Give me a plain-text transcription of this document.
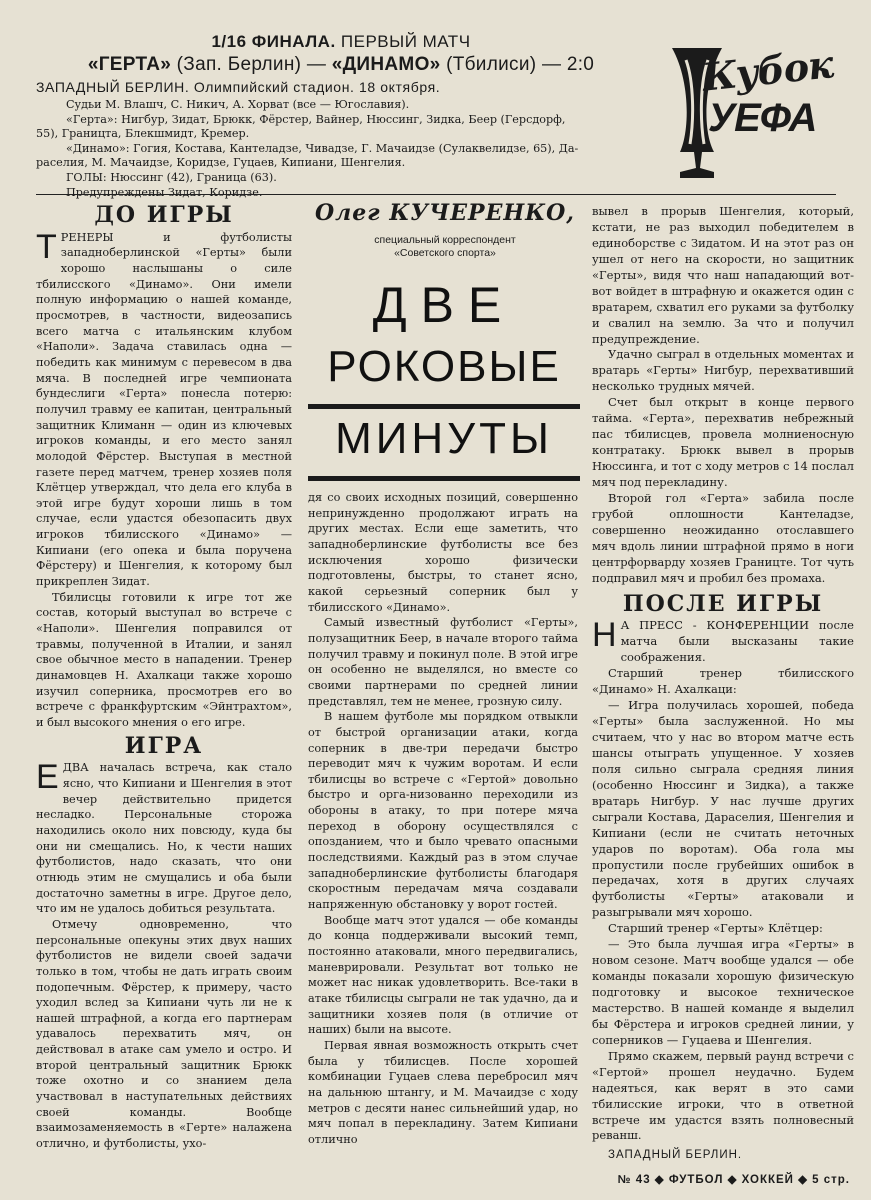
1/16 ФИНАЛА. ПЕРВЫЙ МАТЧ
«ГЕРТА» (Зап. Берлин) — «ДИНАМО» (Тбилиси) — 2:0
ЗАПАДНЫЙ БЕРЛИН. Олимпийский стадион. 18 октября.
Судьи М. Влашч, С. Никич, А. Хорват (все — Югославия).
«Герта»: Нигбур, Зидат, Брюкк, Фёрстер, Вайнер, Нюссинг, Зидка, Беер (Герсдорф,
55), Границта, Блекшмидт, Кремер.
«Динамо»: Гогия, Костава, Кантеладзе, Чивадзе, Г. Мачаидзе (Сулаквелидзе, 65), Да-
раселия, М. Мачаидзе, Коридзе, Гуцаев, Кипиани, Шенгелия.
ГОЛЫ: Нюссинг (42), Граница (63).
Предупреждены Зидат, Коридзе.
Кубок
УЕФА
ДО ИГРЫ

ТРЕНЕРЫ и футболисты западноберлинской «Герты» были хорошо наслышаны о силе тбилисского «Динамо». Они имели полную информацию о нашей команде, просмотрев, в частности, видеозапись всего матча с итальянским клубом «Наполи». Задача ставилась одна — победить как минимум с перевесом в два мяча. В последней игре чемпионата бундеслиги «Герта» понесла потерю: получил травму ее капитан, центральный защитник Климанн — один из ключевых игроков команды, и его место занял молодой Фёрстер. Выступая в местной газете перед матчем, тренер хозяев поля Клётцер утверждал, что дела его клуба в этой игре будут хороши лишь в том случае, если удастся обезопасить двух игроков тбилисского «Динамо» — Кипиани (его опека и была поручена Фёрстеру) и Шенгелия, к которому был прикреплен Зидат.

Тбилисцы готовили к игре тот же состав, который выступал во встрече с «Наполи». Шенгелия поправился от травмы, полученной в Италии, и занял свое обычное место в нападении. Тренер динамовцев Н. Ахалкаци также хорошо изучил соперника, просмотрев его во встрече с франкфуртским «Эйнтрахтом», и был высокого мнения о его игре.

ИГРА

ЕДВА началась встреча, как стало ясно, что Кипиани и Шенгелия в этот вечер действительно придется несладко. Персональные сторожа находились около них повсюду, куда бы они ни смещались. Но, к чести наших футболистов, надо сказать, что они отнюдь этим не смущались и оба были достаточно заметны в игре. Другое дело, что им не удалось добиться результата.

Отмечу одновременно, что персональные опекуны этих двух наших футболистов не видели своей задачи только в том, чтобы не дать играть своим подопечным. Фёрстер, к примеру, часто уходил вслед за Кипиани чуть ли не к нашей штрафной, а когда его партнерам удавалось перехватить мяч, он действовал в атаке сам умело и остро. И второй центральный защитник Брюкк тоже охотно и со знанием дела участвовал в наступательных действиях своей команды. Вообще взаимозаменяемость в «Герте» налажена отлично, и футболисты, ухо-

Олег КУЧЕРЕНКО,
специальный корреспондент
«Советского спорта»
ДВЕ
РОКОВЫЕ
МИНУТЫ

дя со своих исходных позиций, совершенно непринужденно продолжают играть на других местах. Если еще заметить, что западноберлинские футболисты все без исключения хорошо физически подготовлены, быстры, то станет ясно, какой серьезный соперник был у тбилисского «Динамо».

Самый известный футболист «Герты», полузащитник Беер, в начале второго тайма получил травму и покинул поле. В этой игре он особенно не выделялся, но вместе со своими партнерами по средней линии представлял, тем не менее, грозную силу.

В нашем футболе мы порядком отвыкли от быстрой организации атаки, когда соперник в две-три передачи быстро переводит мяч к чужим воротам. И если тбилисцы во встрече с «Гертой» довольно быстро и орга-низованно переходили из обороны в атаку, то при потере мяча переход в оборону осуществлялся с опозданием, что и было чревато опасными последствиями. Каждый раз в этом случае западноберлинские футболисты благодаря скоростным передачам мяча создавали напряженную обстановку у ворот гостей.

Вообще матч этот удался — обе команды до конца поддерживали высокий темп, постоянно атаковали, много передвигались, маневрировали. Результат вот только не может нас никак удовлетворить. Все-таки в атаке тбилисцы сыграли не так удачно, да и защитники хозяев поля (в отличие от наших) были на высоте.

Первая явная возможность открыть счет была у тбилисцев. После хорошей комбинации Гуцаев слева перебросил мяч на дальнюю штангу, и М. Мачаидзе с ходу метров с десяти нанес сильнейший удар, но мяч попал в перекладину. Затем Кипиани отлично

вывел в прорыв Шенгелия, который, кстати, не раз выходил победителем в единоборстве с Зидатом. И на этот раз он ушел от него на скорости, но защитник «Герты», видя что наш нападающий вот-вот войдет в штрафную и окажется один с вратарем, схватил его руками за футболку и свалил на землю. За что и получил предупреждение.

Удачно сыграл в отдельных моментах и вратарь «Герты» Нигбур, перехвативший несколько трудных мячей.

Счет был открыт в конце первого тайма. «Герта», перехватив небрежный пас тбилисцев, провела молниеносную контратаку. Брюкк вывел в прорыв Нюссинга, и тот с ходу метров с 14 послал мяч под перекладину.

Второй гол «Герта» забила после грубой оплошности Кантеладзе, совершенно неожиданно отославшего мяч вдоль линии штрафной прямо в ноги центрфорварду хозяев Границте. Тот чуть подправил мяч и пробил без промаха.

ПОСЛЕ ИГРЫ

Н А ПРЕСС - КОНФЕРЕНЦИИ после матча были высказаны такие соображения.

Старший тренер тбилисского «Динамо» Н. Ахалкаци:

— Игра получилась хорошей, победа «Герты» была заслуженной. Но мы считаем, что у нас во втором матче есть шансы отыграть упущенное. У хозяев поля сильно сыграла средняя линия (особенно Нюссинг и Зидка), а также вратарь Нигбур. У нас лучше других сыграли Костава, Дараселия, Шенгелия и Кипиани (если не считать неточных ударов по воротам). Оба гола мы пропустили после грубейших ошибок в передачах, хотя в других случаях футболисты «Герты» атаковали и разыгрывали мяч хорошо.

Старший тренер «Герты» Клётцер:

— Это была лучшая игра «Герты» в новом сезоне. Матч вообще удался — обе команды показали хорошую физическую подготовку и высокое техническое мастерство. В нашей команде я выделил бы Фёрстера и игроков средней линии, у соперников — Гуцаева и Шенгелия.

Прямо скажем, первый раунд встречи с «Гертой» прошел неудачно. Будем надеяться, как верят в это сами тбилисские игроки, что в ответной встрече им удастся взять полновесный реванш.

ЗАПАДНЫЙ БЕРЛИН.

№ 43 ◆ ФУТБОЛ ◆ ХОККЕЙ ◆ 5 стр.
